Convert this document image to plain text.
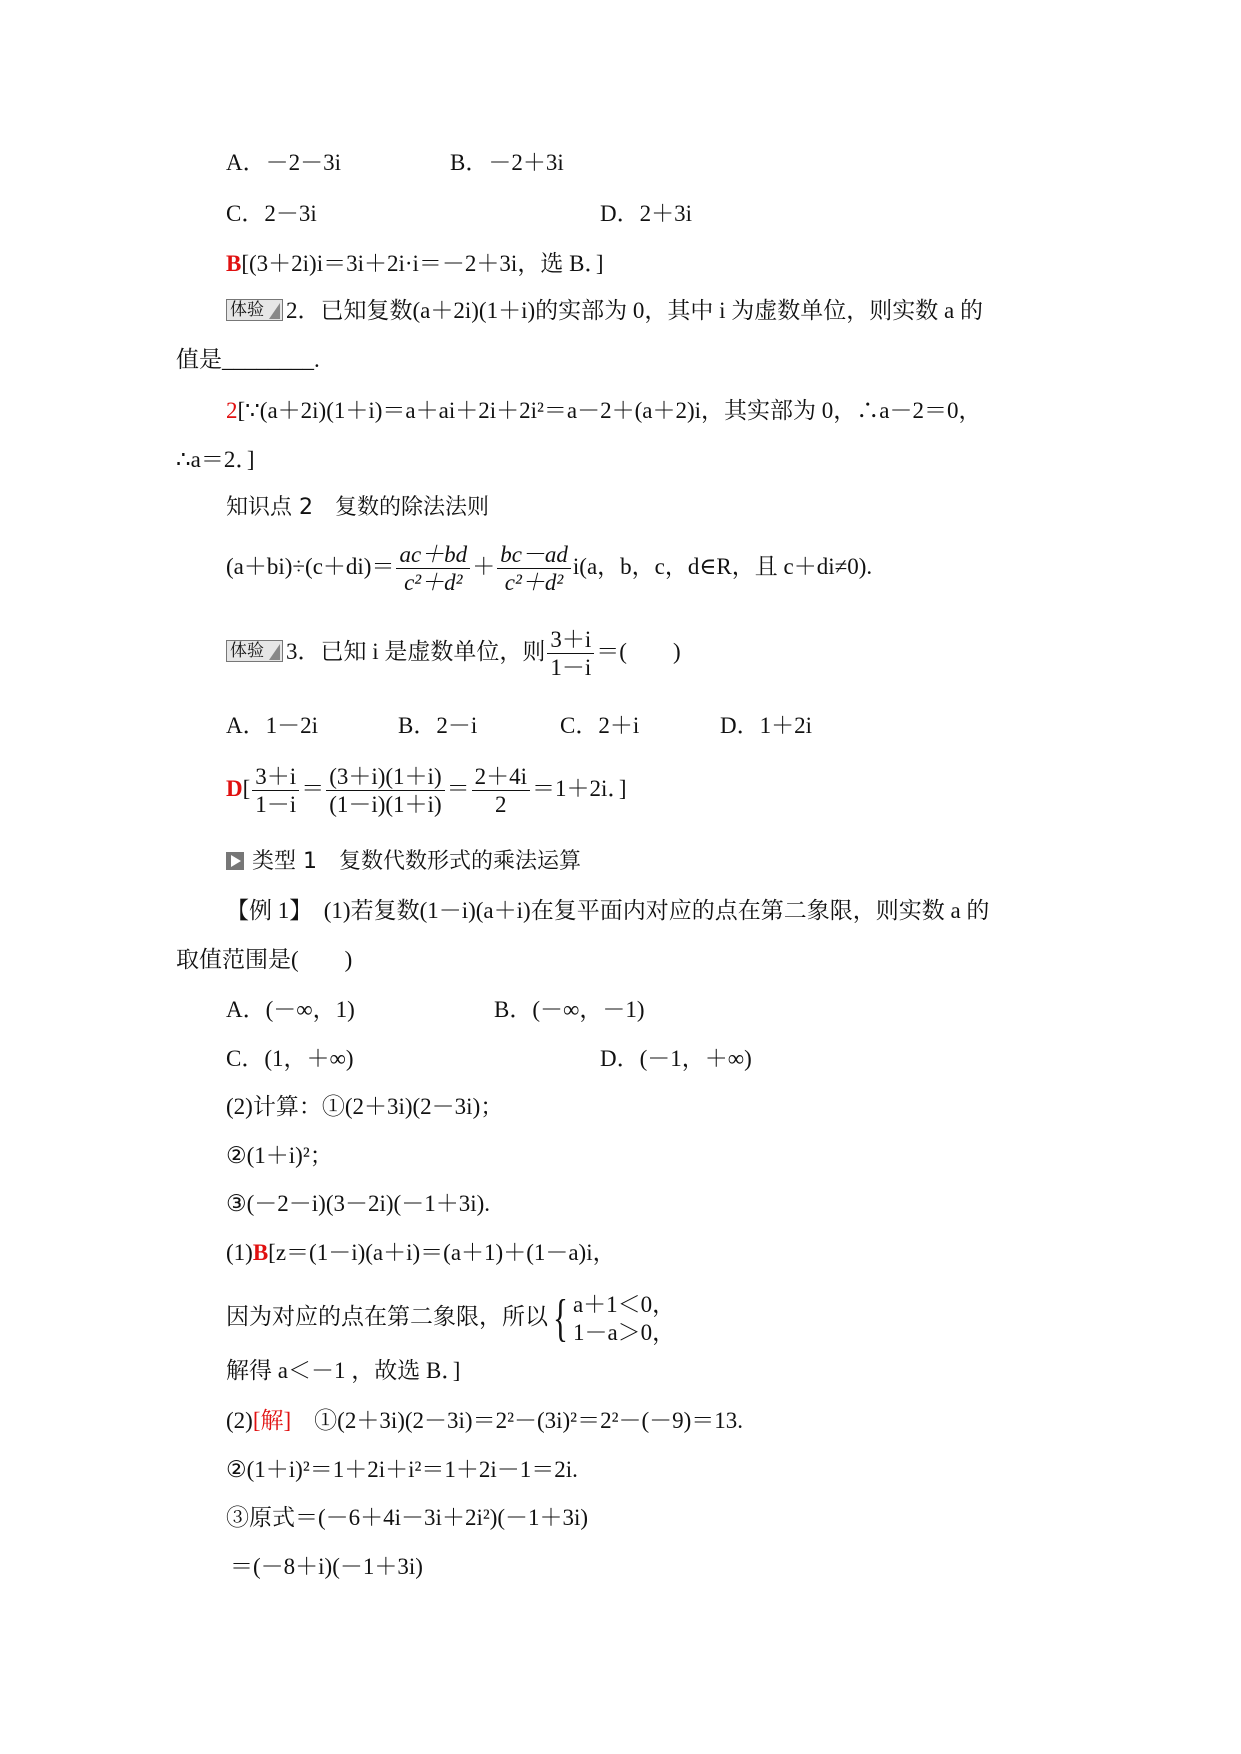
A．－2－3i	B．－2＋3i
C．2－3i	D．2＋3i
B[(3＋2i)i＝3i＋2i·i＝－2＋3i，选 B．]
体验 2．已知复数(a＋2i)(1＋i)的实部为 0，其中 i 为虚数单位，则实数 a 的
值是________.
2[∵(a＋2i)(1＋i)＝a＋ai＋2i＋2i²＝a－2＋(a＋2)i，其实部为 0，∴a－2＝0，
∴a＝2．]
知识点 2　复数的除法法则
$(a+bi)\div(c+di)= \frac{ac+bd}{\text{c²＋d²}} + \frac{bc-ad}{\text{c²＋d²}} i(a$，b，c，d∈R，且 c＋di≠0).
体验 3．已知 i 是虚数单位，则 $\frac{3+i}{1-i}$ ＝(　　)
A．1－2i	B．2－i	C．2＋i	D．1＋2i
$D[ \frac{3+i}{1-i} = \frac{(3+i)(1+i)}{(1-i)(1+i)} = \frac{2+4i}{2} =1+2i$．]
类型 1　复数代数形式的乘法运算
【例 1】　 (1)若复数(1－i)(a＋i)在复平面内对应的点在第二象限，则实数 a 的
取值范围是(　　)
A．(－∞，1)	B．(－∞，－1)
C．(1，＋∞)	D．(－1，＋∞)
(2)计算：①(2＋3i)(2－3i)；
②(1＋i)²；
③(－2－i)(3－2i)(－1＋3i).
(1)B[z＝(1－i)(a＋i)＝(a＋1)＋(1－a)i，
因为对应的点在第二象限，所以{ a＋1＜0，
1－a＞0，
解得 a＜－1 ，故选 B．]
(2)[解]　 ①(2＋3i)(2－3i)＝2²－(3i)²＝2²－(－9)＝13.
②(1＋i)²＝1＋2i＋i²＝1＋2i－1＝2i.
③原式＝(－6＋4i－3i＋2i²)(－1＋3i)
＝(－8＋i)(－1＋3i)
